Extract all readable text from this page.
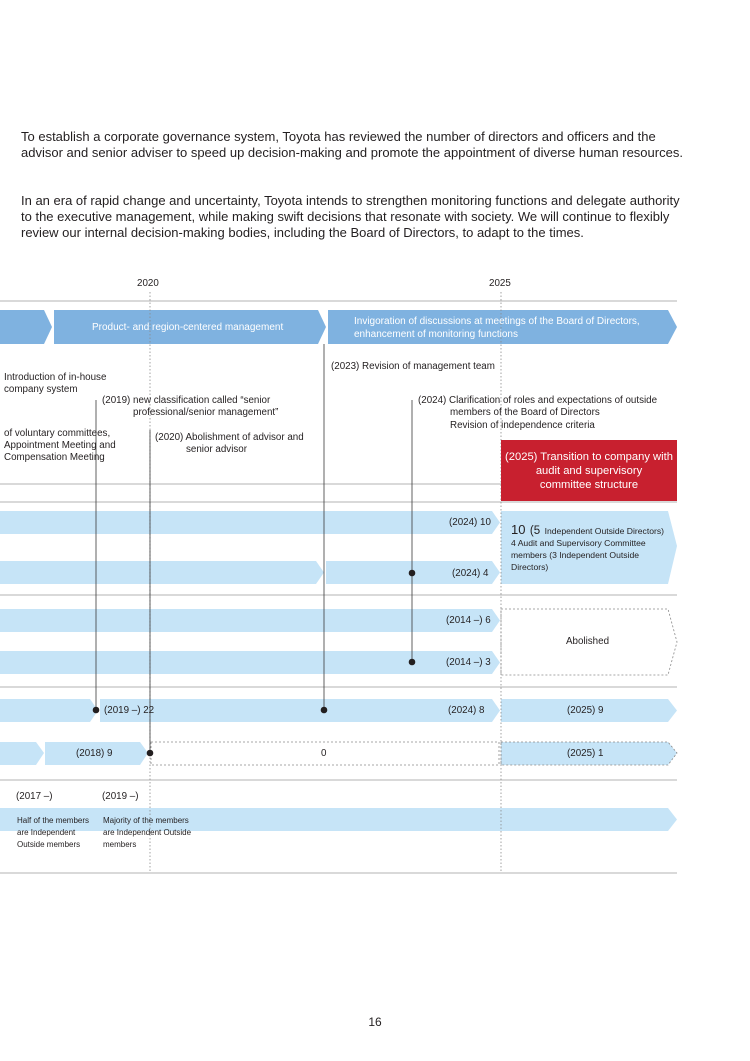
To establish a corporate governance system, Toyota has reviewed the number of directors and officers and the advisor and senior adviser to speed up decision-making and promote the appointment of diverse human resources.
In an era of rapid change and uncertainty, Toyota intends to strengthen monitoring functions and delegate authority to the executive management, while making swift decisions that resonate with society. We will continue to flexibly review our internal decision-making bodies, including the Board of Directors, to adapt to the times.
2020	2025
Product- and region-centered management
Invigoration of discussions at meetings of the Board of Directors,
enhancement of monitoring functions
Introduction of in-house
company system
(2019) new classification called “senior
professional/senior management”
of voluntary committees,
Appointment Meeting and
Compensation Meeting
(2020) Abolishment of advisor and
senior advisor
(2023) Revision of management team
(2024) Clarification of roles and expectations of outside
members of the Board of Directors
Revision of independence criteria
(2025) Transition to company with
audit and supervisory
committee structure
(2024) 10
(2024) 4
10 (5 Independent Outside Directors)
4 Audit and Supervisory Committee
members (3 Independent Outside
Directors)
(2014 –) 6
(2014 –) 3
Abolished
(2019 –) 22	(2024) 8	(2025) 9
(2018) 9	0	(2025) 1
(2017 –)	(2019 –)
Half of the members
are Independent
Outside members
Majority of the members
are Independent Outside
members
16
